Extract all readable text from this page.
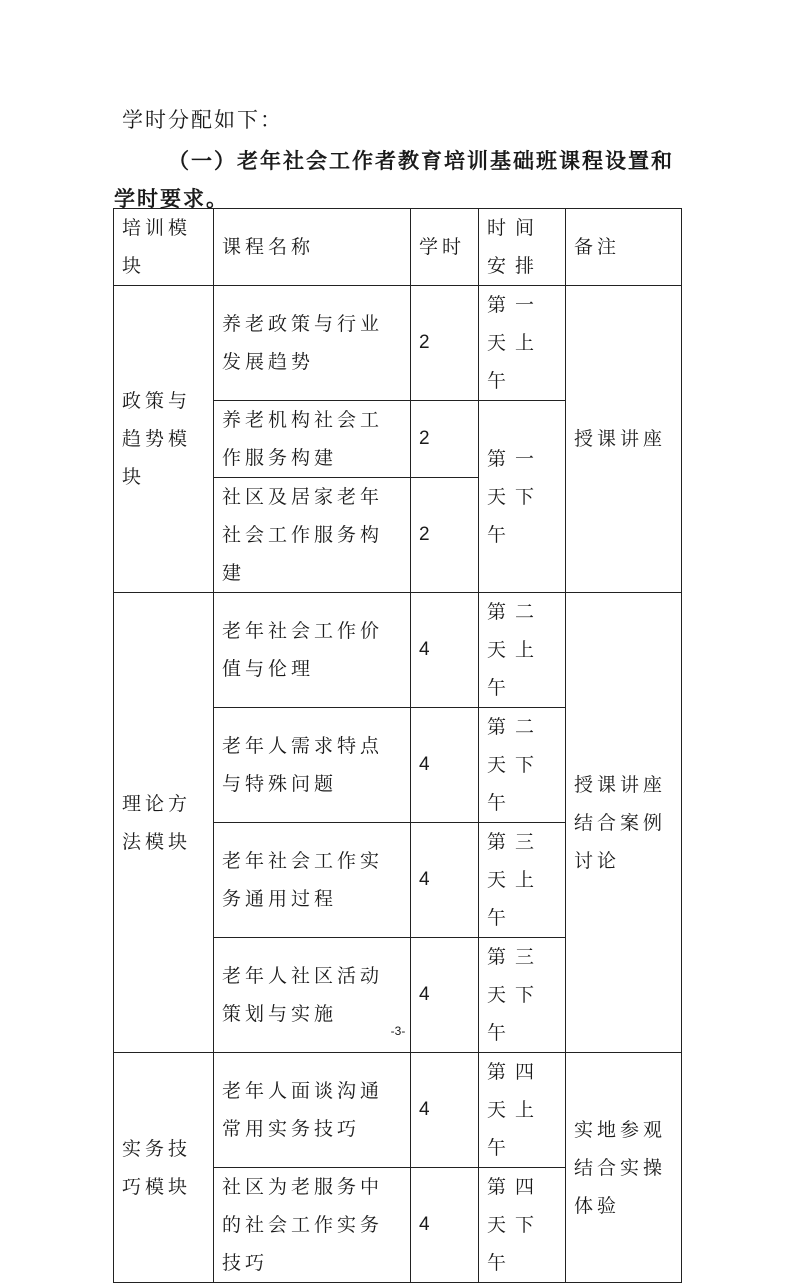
学时分配如下：
（一）老年社会工作者教育培训基础班课程设置和学时要求。
培训模块	课程名称	学时	时间安排	备注
政策与趋势模块	养老政策与行业发展趋势	2	第一天上午	授课讲座
	养老机构社会工作服务构建	2	第一天下午	
	社区及居家老年社会工作服务构建	2		
理论方法模块	老年社会工作价值与伦理	4	第二天上午	授课讲座结合案例讨论
	老年人需求特点与特殊问题	4	第二天下午	
	老年社会工作实务通用过程	4	第三天上午	
	老年人社区活动策划与实施	4	第三天下午	
实务技巧模块	老年人面谈沟通常用实务技巧	4	第四天上午	实地参观结合实操体验
	社区为老服务中的社会工作实务技巧	4	第四天下午	
-3-
